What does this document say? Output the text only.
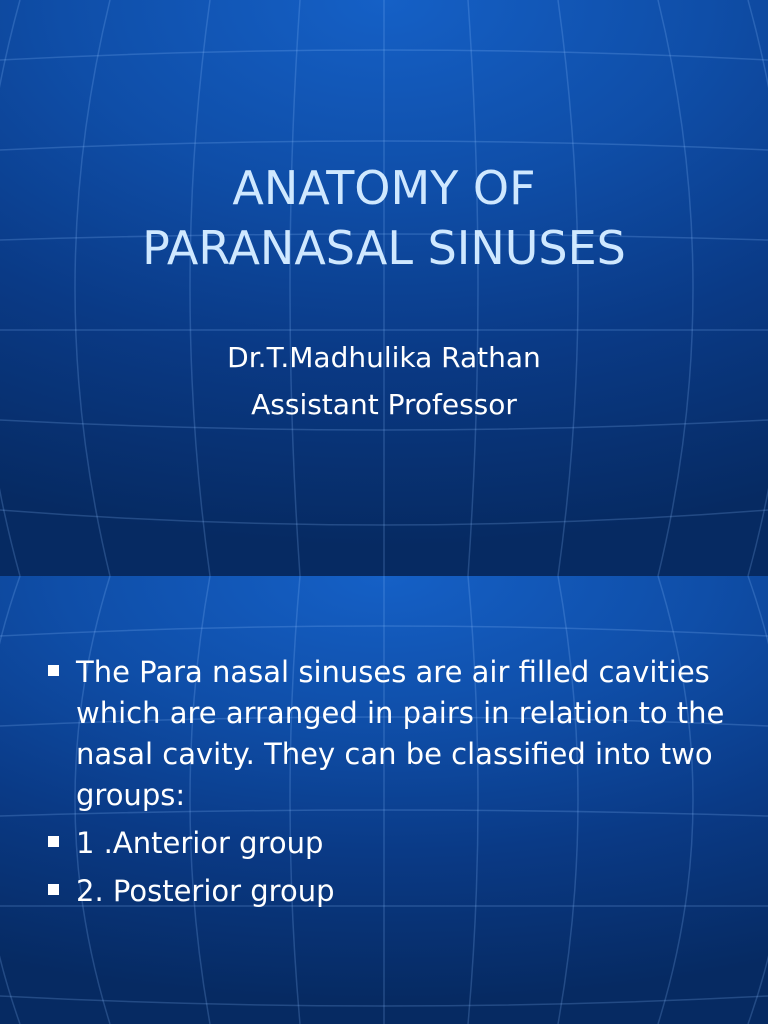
ANATOMY OF
PARANASAL SINUSES
Dr.T.Madhulika Rathan
Assistant Professor
The Para nasal sinuses are air filled cavities which are arranged in pairs in relation to the nasal cavity. They can be classified into two groups:
1 .Anterior group
2. Posterior group
